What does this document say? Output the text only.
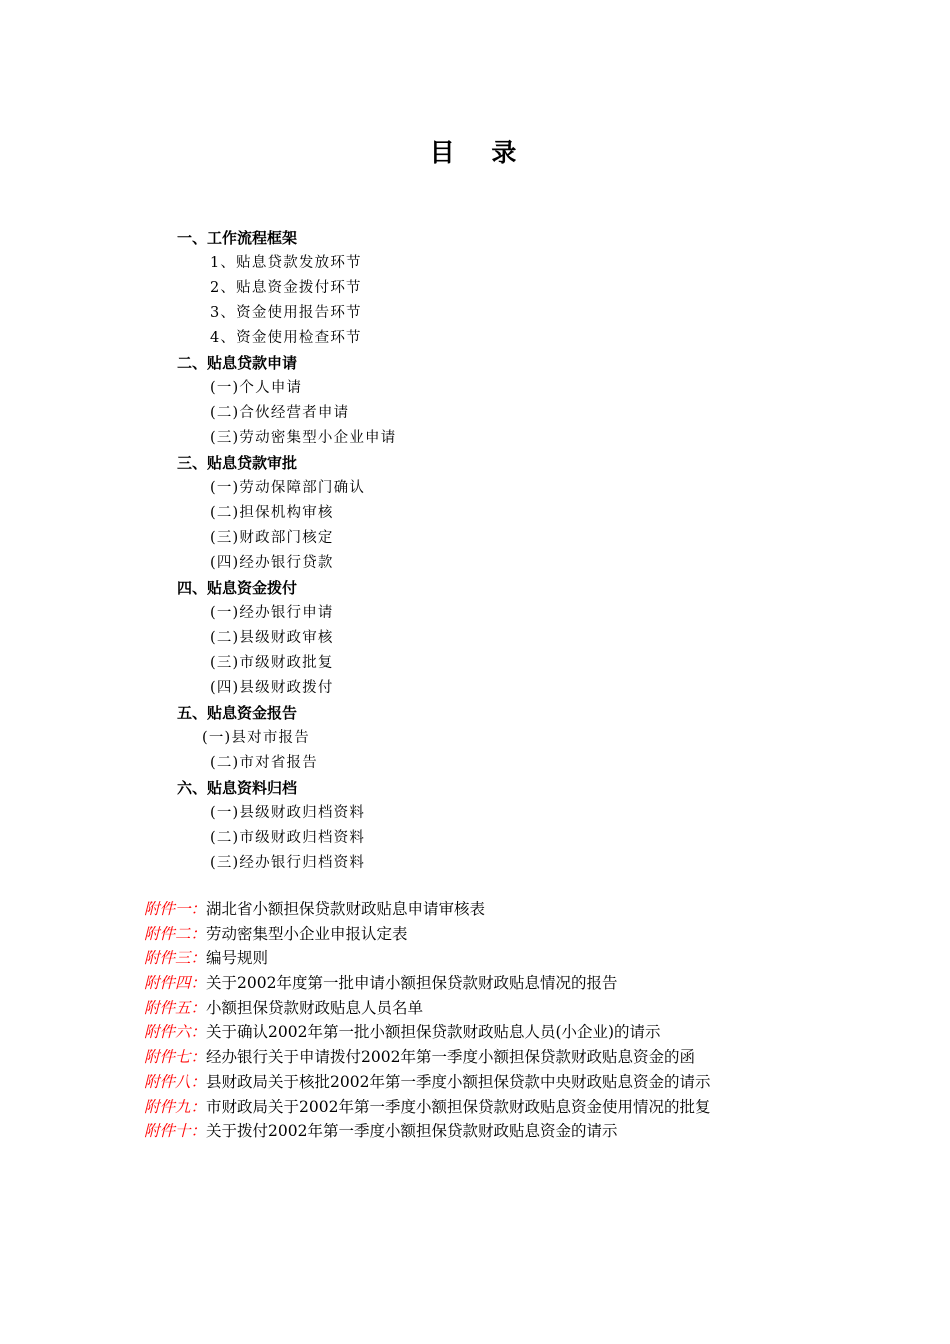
目 录
一、工作流程框架
1、贴息贷款发放环节
2、贴息资金拨付环节
3、资金使用报告环节
4、资金使用检查环节
二、贴息贷款申请
(一)个人申请
(二)合伙经营者申请
(三)劳动密集型小企业申请
三、贴息贷款审批
(一)劳动保障部门确认
(二)担保机构审核
(三)财政部门核定
(四)经办银行贷款
四、贴息资金拨付
(一)经办银行申请
(二)县级财政审核
(三)市级财政批复
(四)县级财政拨付
五、贴息资金报告
(一)县对市报告
(二)市对省报告
六、贴息资料归档
(一)县级财政归档资料
(二)市级财政归档资料
(三)经办银行归档资料
附件一：湖北省小额担保贷款财政贴息申请审核表
附件二：劳动密集型小企业申报认定表
附件三：编号规则
附件四：关于2002年度第一批申请小额担保贷款财政贴息情况的报告
附件五：小额担保贷款财政贴息人员名单
附件六：关于确认2002年第一批小额担保贷款财政贴息人员(小企业)的请示
附件七：经办银行关于申请拨付2002年第一季度小额担保贷款财政贴息资金的函
附件八：县财政局关于核批2002年第一季度小额担保贷款中央财政贴息资金的请示
附件九：市财政局关于2002年第一季度小额担保贷款财政贴息资金使用情况的批复
附件十：关于拨付2002年第一季度小额担保贷款财政贴息资金的请示
